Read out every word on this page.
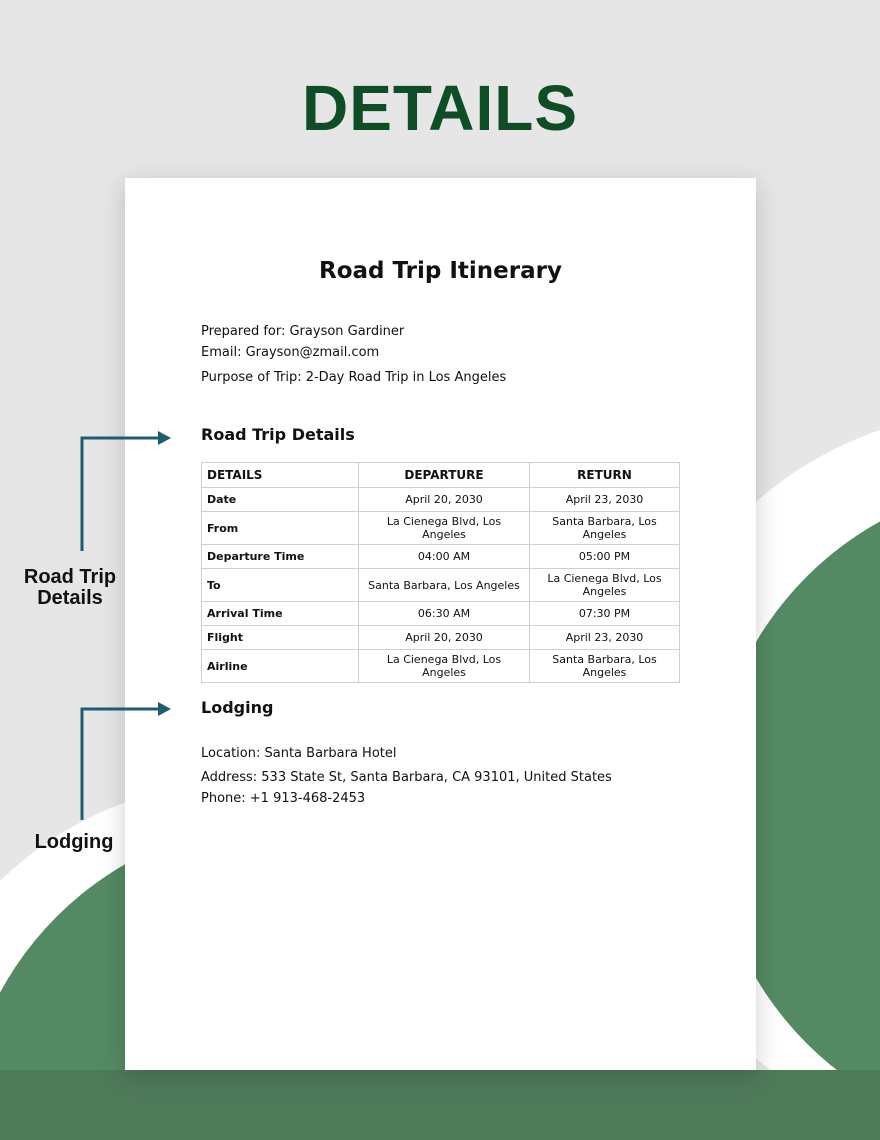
DETAILS
Road Trip Itinerary
Prepared for: Grayson Gardiner
Email: Grayson@zmail.com
Purpose of Trip: 2-Day Road Trip in Los Angeles
Road Trip Details
DETAILS	DEPARTURE	RETURN
Date	April 20, 2030	April 23, 2030
From	La Cienega Blvd, Los Angeles	Santa Barbara, Los Angeles
Departure Time	04:00 AM	05:00 PM
To	Santa Barbara, Los Angeles	La Cienega Blvd, Los Angeles
Arrival Time	06:30 AM	07:30 PM
Flight	April 20, 2030	April 23, 2030
Airline	La Cienega Blvd, Los Angeles	Santa Barbara, Los Angeles
Lodging
Location: Santa Barbara Hotel
Address: 533 State St, Santa Barbara, CA 93101, United States
Phone: +1 913-468-2453
Road Trip
Details
Lodging
